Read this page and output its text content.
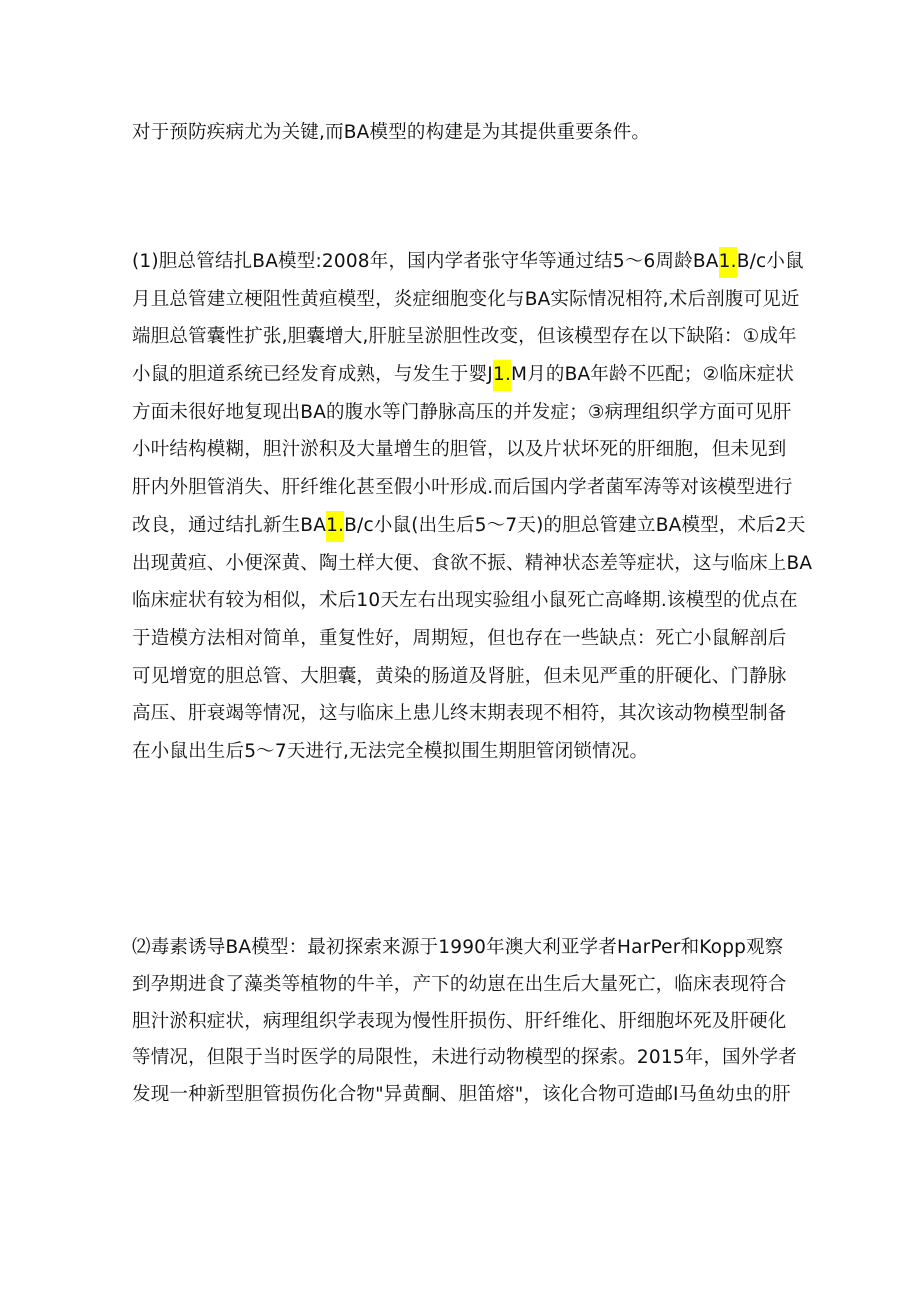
对于预防疾病尤为关键,而BA模型的构建是为其提供重要条件。
(1)胆总管结扎BA模型:2008年，国内学者张守华等通过结5～6周龄BA1.B/c小鼠
月且总管建立梗阻性黄疸模型，炎症细胞变化与BA实际情况相符,术后剖腹可见近
端胆总管囊性扩张,胆囊增大,肝脏呈淤胆性改变，但该模型存在以下缺陷：①成年
小鼠的胆道系统已经发育成熟，与发生于婴J1.M月的BA年龄不匹配；②临床症状
方面未很好地复现出BA的腹水等门静脉高压的并发症；③病理组织学方面可见肝
小叶结构模糊，胆汁淤积及大量增生的胆管，以及片状坏死的肝细胞，但未见到
肝内外胆管消失、肝纤维化甚至假小叶形成.而后国内学者菌军涛等对该模型进行
改良，通过结扎新生BA1.B/c小鼠(出生后5～7天)的胆总管建立BA模型，术后2天
出现黄疸、小便深黄、陶土样大便、食欲不振、精神状态差等症状，这与临床上BA
临床症状有较为相似，术后10天左右出现实验组小鼠死亡高峰期.该模型的优点在
于造模方法相对简单，重复性好，周期短，但也存在一些缺点：死亡小鼠解剖后
可见增宽的胆总管、大胆囊，黄染的肠道及肾脏，但未见严重的肝硬化、门静脉
高压、肝衰竭等情况，这与临床上患儿终末期表现不相符，其次该动物模型制备
在小鼠出生后5～7天进行,无法完全模拟围生期胆管闭锁情况。
⑵毒素诱导BA模型：最初探索来源于1990年澳大利亚学者HarPer和Kopp观察
到孕期进食了藻类等植物的牛羊，产下的幼崽在出生后大量死亡，临床表现符合
胆汁淤积症状，病理组织学表现为慢性肝损伤、肝纤维化、肝细胞坏死及肝硬化
等情况，但限于当时医学的局限性，未进行动物模型的探索。2015年，国外学者
发现一种新型胆管损伤化合物"异黄酮、胆笛熔"，该化合物可造邮I马鱼幼虫的肝
